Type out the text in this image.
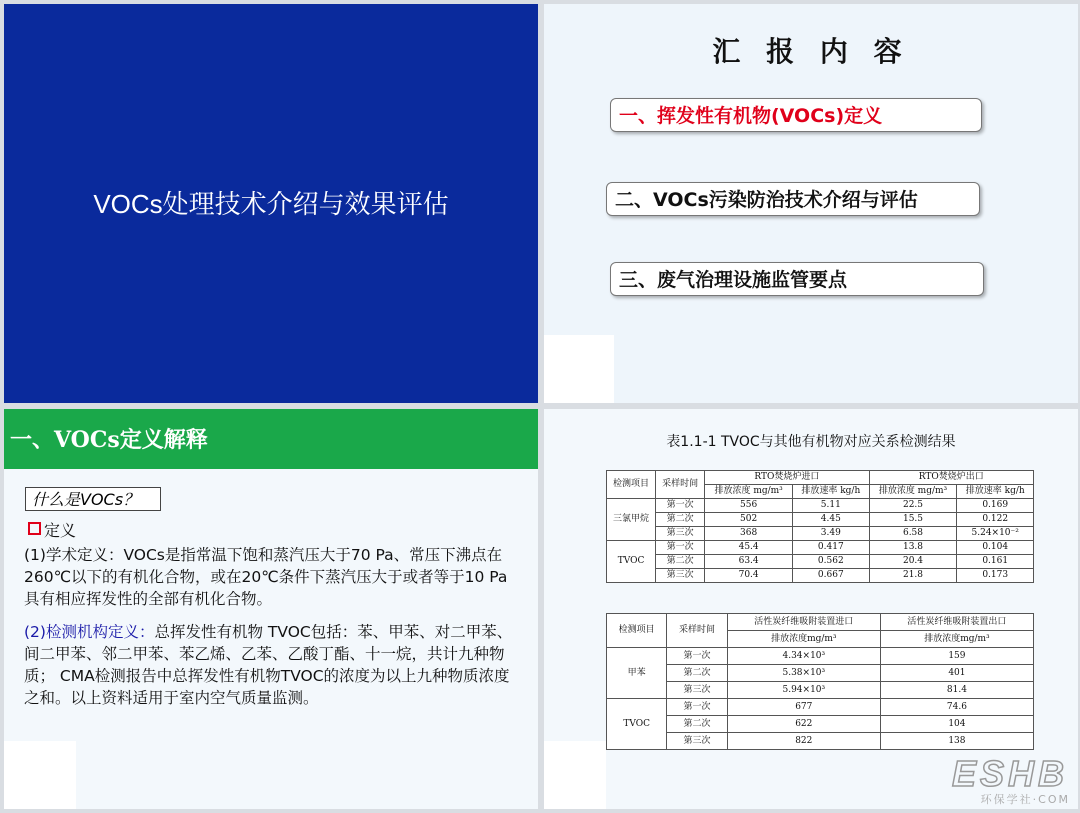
VOCs处理技术介绍与效果评估
汇 报 内 容
一、挥发性有机物(VOCs)定义
二、VOCs污染防治技术介绍与评估
三、废气治理设施监管要点
一、VOCs定义解释
什么是VOCs？
定义
(1)学术定义：VOCs是指常温下饱和蒸汽压大于70 Pa、常压下沸点在260℃以下的有机化合物，或在20℃条件下蒸汽压大于或者等于10 Pa具有相应挥发性的全部有机化合物。
(2)检测机构定义：总挥发性有机物 TVOC包括：苯、甲苯、对二甲苯、间二甲苯、邻二甲苯、苯乙烯、乙苯、乙酸丁酯、十一烷，共计九种物质； CMA检测报告中总挥发性有机物TVOC的浓度为以上九种物质浓度之和。以上资料适用于室内空气质量监测。
表1.1-1 TVOC与其他有机物对应关系检测结果
检测项目	采样时间	RTO焚烧炉进口		RTO焚烧炉出口	
		排放浓度 mg/m³	排放速率 kg/h	排放浓度 mg/m³	排放速率 kg/h
三氯甲烷	第一次	556	5.11	22.5	0.169
	第二次	502	4.45	15.5	0.122
	第三次	368	3.49	6.58	5.24×10⁻²
TVOC	第一次	45.4	0.417	13.8	0.104
	第二次	63.4	0.562	20.4	0.161
	第三次	70.4	0.667	21.8	0.173
检测项目	采样时间	活性炭纤维吸附装置进口	活性炭纤维吸附装置出口
		排放浓度mg/m³	排放浓度mg/m³
甲苯	第一次	4.34×10³	159
	第二次	5.38×10³	401
	第三次	5.94×10³	81.4
TVOC	第一次	677	74.6
	第二次	622	104
	第三次	822	138
ESHB
环保学社·COM
